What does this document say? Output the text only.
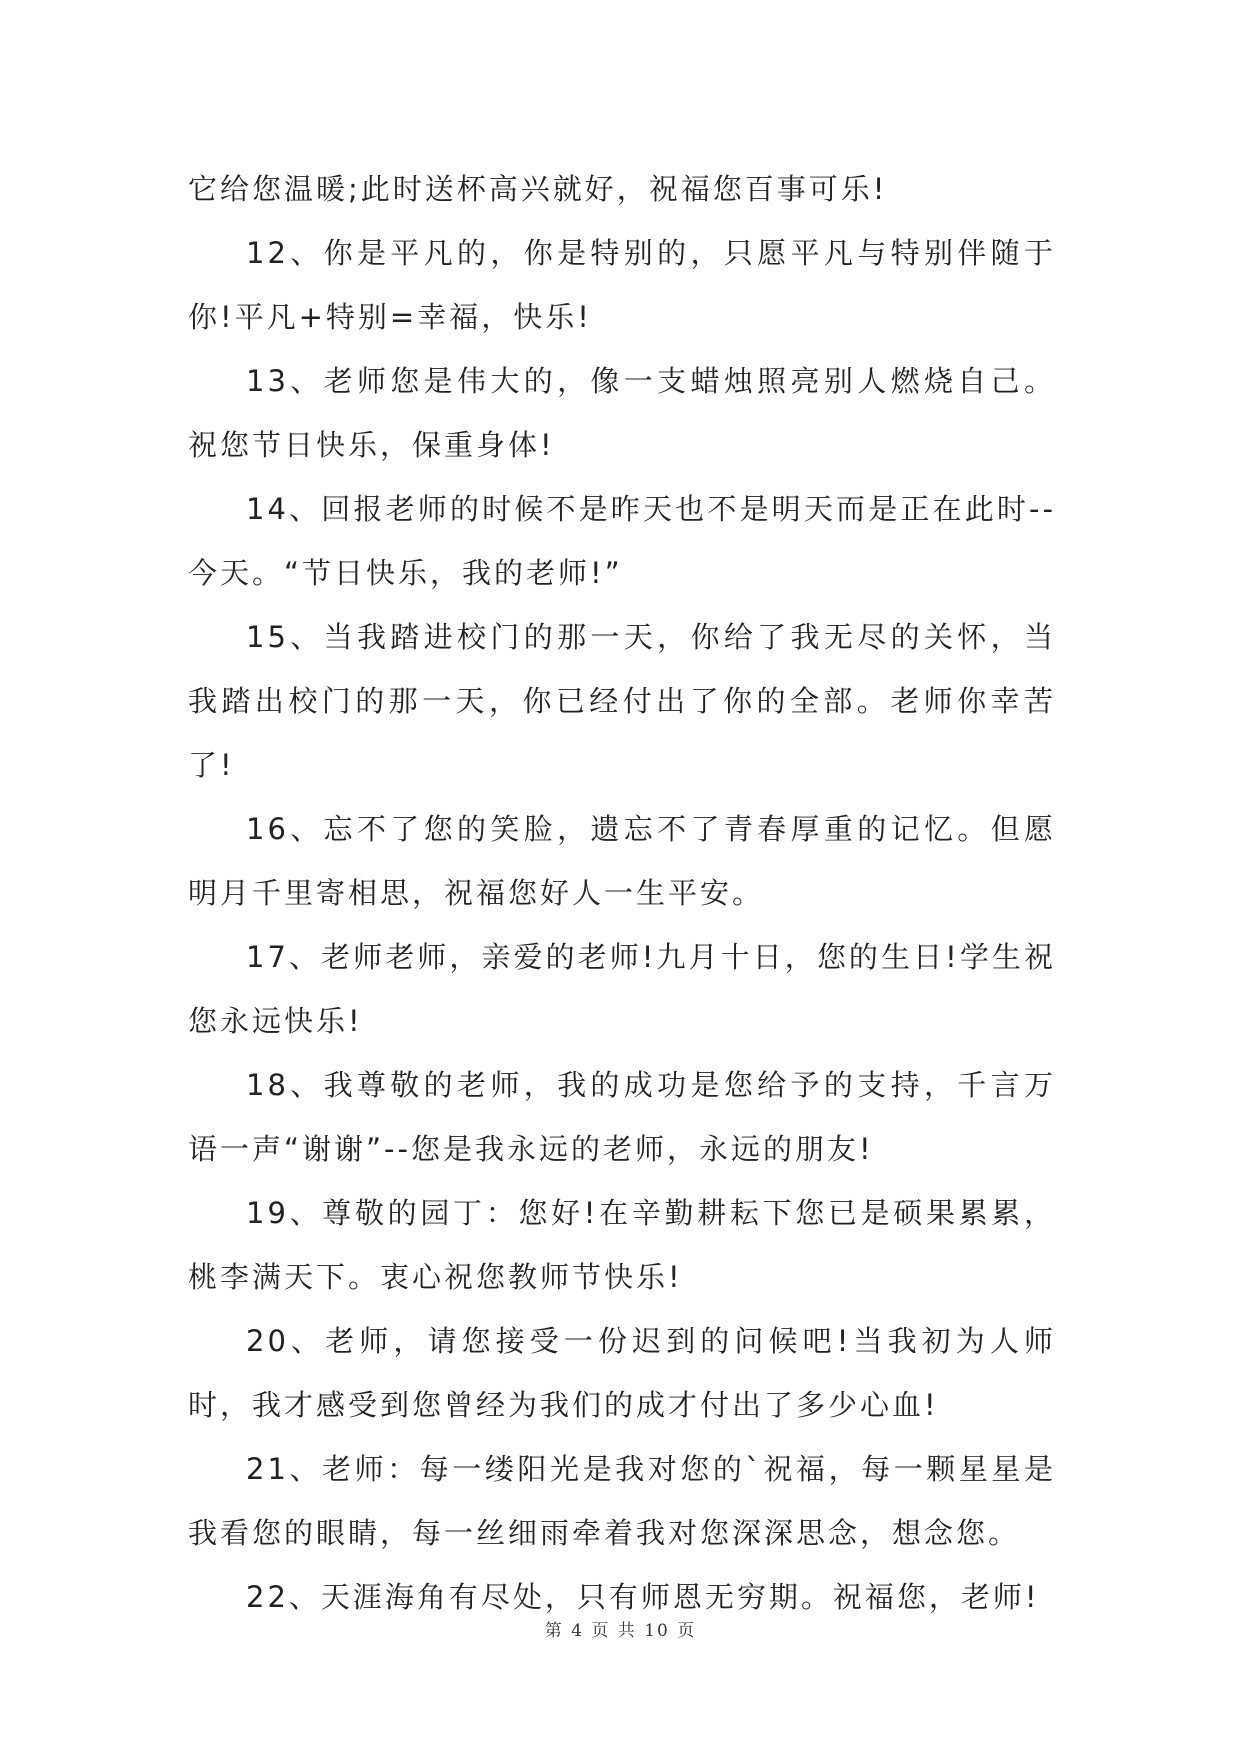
它给您温暖;此时送杯高兴就好，祝福您百事可乐!

12、你是平凡的，你是特别的，只愿平凡与特别伴随于你!平凡+特别=幸福，快乐!

13、老师您是伟大的，像一支蜡烛照亮别人燃烧自己。祝您节日快乐，保重身体!

14、回报老师的时候不是昨天也不是明天而是正在此时--今天。“节日快乐，我的老师!”

15、当我踏进校门的那一天，你给了我无尽的关怀，当我踏出校门的那一天，你已经付出了你的全部。老师你幸苦了!

16、忘不了您的笑脸，遗忘不了青春厚重的记忆。但愿明月千里寄相思，祝福您好人一生平安。

17、老师老师，亲爱的老师!九月十日，您的生日!学生祝您永远快乐!

18、我尊敬的老师，我的成功是您给予的支持，千言万语一声“谢谢”--您是我永远的老师，永远的朋友!

19、尊敬的园丁：您好!在辛勤耕耘下您已是硕果累累，桃李满天下。衷心祝您教师节快乐!

20、老师，请您接受一份迟到的问候吧!当我初为人师时，我才感受到您曾经为我们的成才付出了多少心血!

21、老师：每一缕阳光是我对您的`祝福，每一颗星星是我看您的眼睛，每一丝细雨牵着我对您深深思念，想念您。

22、天涯海角有尽处，只有师恩无穷期。祝福您，老师!

第 4 页 共 10 页
